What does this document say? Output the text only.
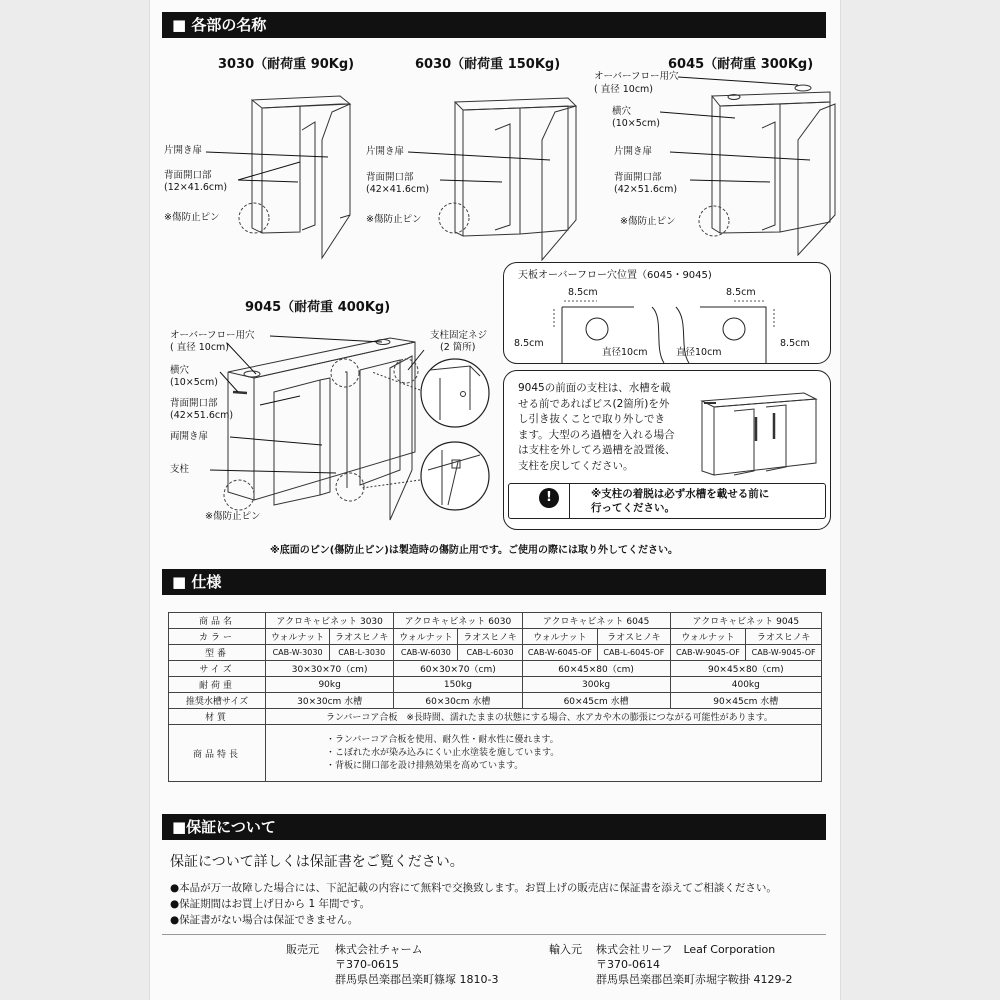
■ 各部の名称
3030（耐荷重 90Kg)	6030（耐荷重 150Kg)	6045（耐荷重 300Kg)
9045（耐荷重 400Kg)
片開き扉
背面開口部
(12×41.6cm)
※傷防止ピン
片開き扉
背面開口部
(42×41.6cm)
※傷防止ピン
オーバーフロー用穴
( 直径 10cm)
横穴
(10×5cm)
片開き扉
背面開口部
(42×51.6cm)
※傷防止ピン
オーバーフロー用穴
( 直径 10cm)
横穴
(10×5cm)
背面開口部
(42×51.6cm)
両開き扉
支柱
※傷防止ピン
支柱固定ネジ
(2 箇所)
天板オーバーフロー穴位置（6045・9045)
8.5cm
8.5cm
8.5cm
8.5cm
直径10cm	直径10cm
9045の前面の支柱は、水槽を載
せる前であればビス(2箇所)を外
し引き抜くことで取り外しでき
ます。大型のろ過槽を入れる場合
は支柱を外してろ過槽を設置後、
支柱を戻してください。
!	※支柱の着脱は必ず水槽を載せる前に
行ってください。
※底面のピン(傷防止ピン)は製造時の傷防止用です。ご使用の際には取り外してください。
■ 仕様
商品名	アクロキャビネット 3030		アクロキャビネット 6030		アクロキャビネット 6045		アクロキャビネット 9045	
カラー	ウォルナット	ラオスヒノキ	ウォルナット	ラオスヒノキ	ウォルナット	ラオスヒノキ	ウォルナット	ラオスヒノキ
型番	CAB-W-3030	CAB-L-3030	CAB-W-6030	CAB-L-6030	CAB-W-6045-OF	CAB-L-6045-OF	CAB-W-9045-OF	CAB-W-9045-OF
サイズ	30×30×70（cm)		60×30×70（cm)		60×45×80（cm)		90×45×80（cm)	
耐荷重	90kg		150kg		300kg		400kg	
推奨水槽サイズ	30×30cm 水槽		60×30cm 水槽		60×45cm 水槽		90×45cm 水槽	
材質	ランバーコア合板　※長時間、濡れたままの状態にする場合、水アカや木の膨張につながる可能性があります。							
商品特長	・ランバーコア合板を使用、耐久性・耐水性に優れます。
・こぼれた水が染み込みにくい止水塗装を施しています。
・背板に開口部を設け排熱効果を高めています。							
■保証について
保証について詳しくは保証書をご覧ください。
●本品が万一故障した場合には、下記記載の内容にて無料で交換致します。お買上げの販売店に保証書を添えてご相談ください。
●保証期間はお買上げ日から 1 年間です。
●保証書がない場合は保証できません。
販売元 株式会社チャーム
〒370-0615
群馬県邑楽郡邑楽町篠塚 1810-3
輸入元 株式会社リーフ　Leaf Corporation
〒370-0614
群馬県邑楽郡邑楽町赤堀字鞍掛 4129-2
